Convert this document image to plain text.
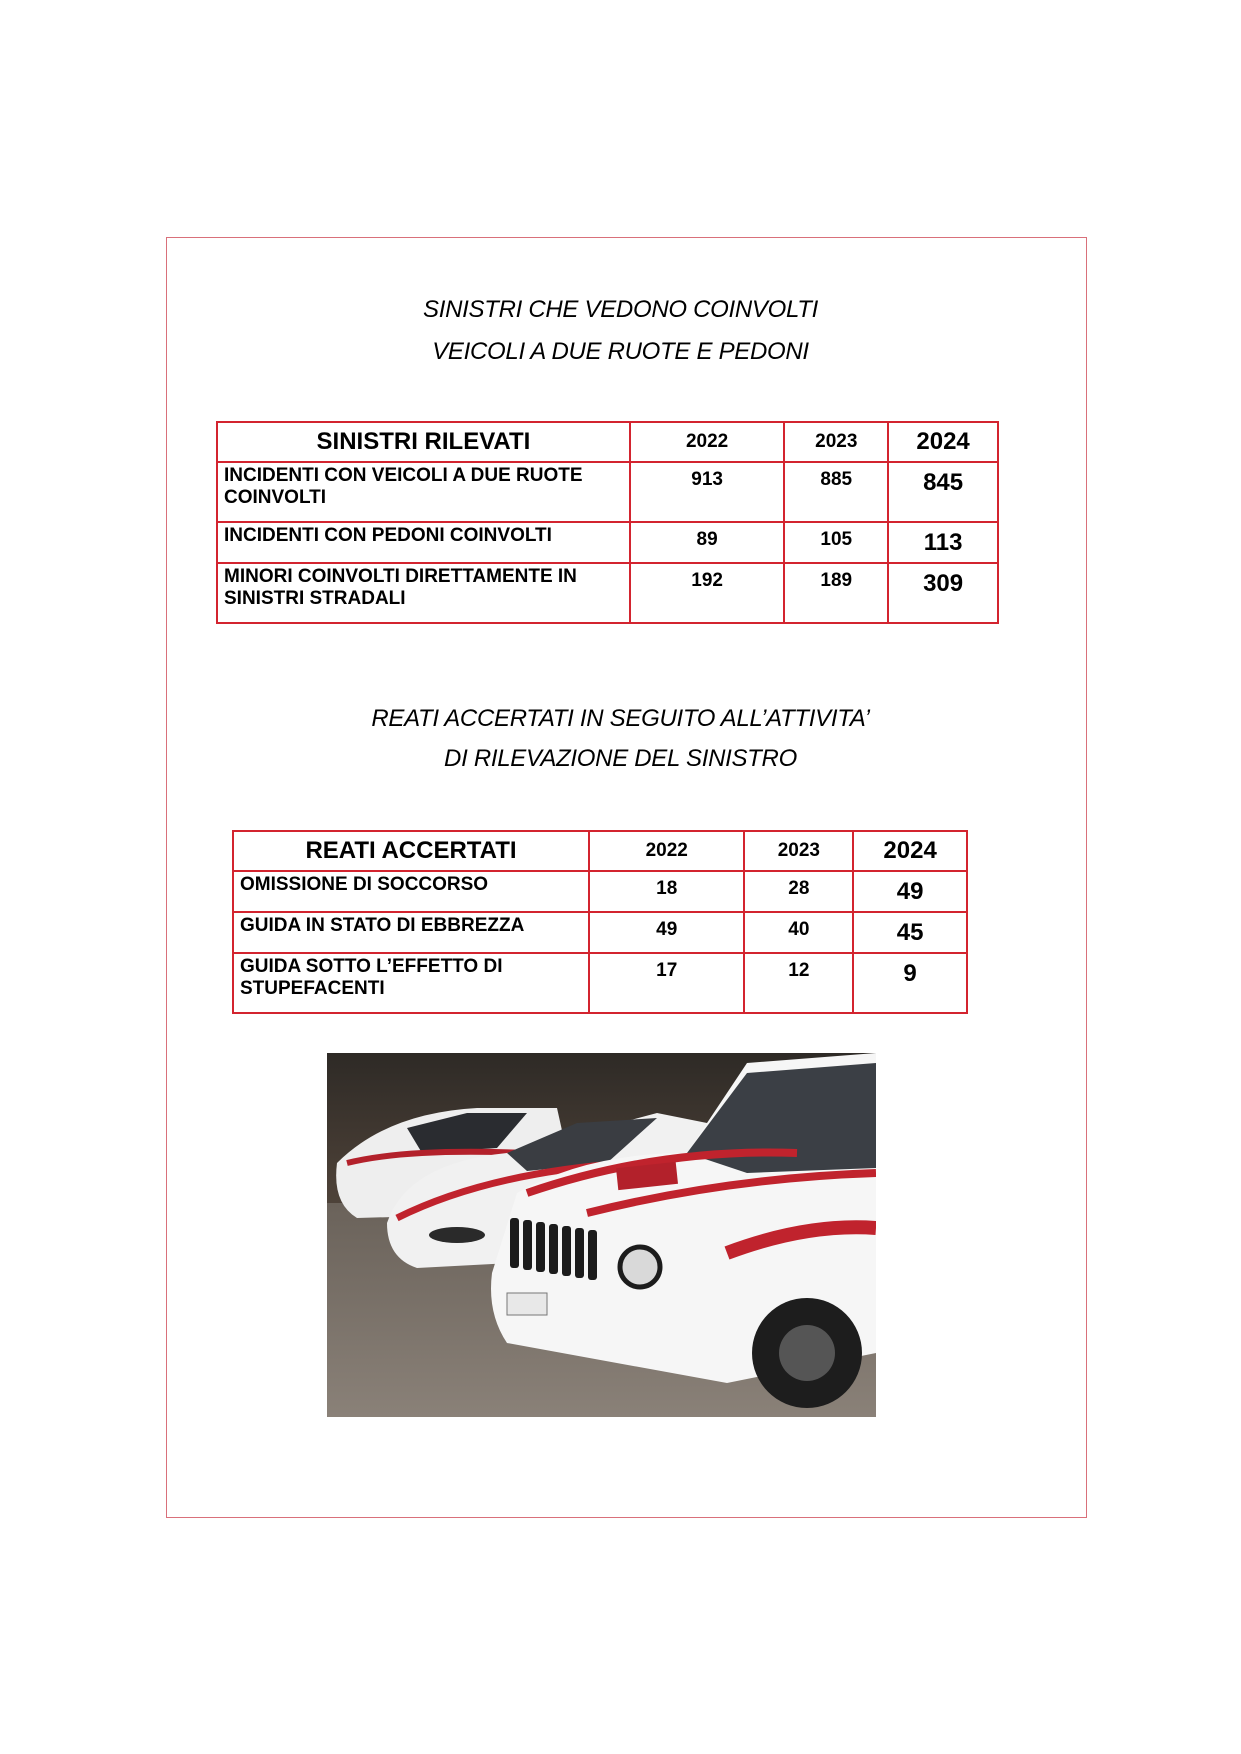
SINISTRI CHE VEDONO COINVOLTI
VEICOLI A DUE RUOTE E PEDONI
SINISTRI RILEVATI	2022	2023	2024
INCIDENTI CON VEICOLI A DUE RUOTE COINVOLTI	913	885	845
INCIDENTI CON PEDONI COINVOLTI	89	105	113
MINORI COINVOLTI DIRETTAMENTE IN SINISTRI STRADALI	192	189	309
REATI ACCERTATI IN SEGUITO ALL’ATTIVITA’
DI RILEVAZIONE DEL SINISTRO
REATI ACCERTATI	2022	2023	2024
OMISSIONE DI SOCCORSO	18	28	49
GUIDA IN STATO DI EBBREZZA	49	40	45
GUIDA SOTTO L’EFFETTO DI STUPEFACENTI	17	12	9
